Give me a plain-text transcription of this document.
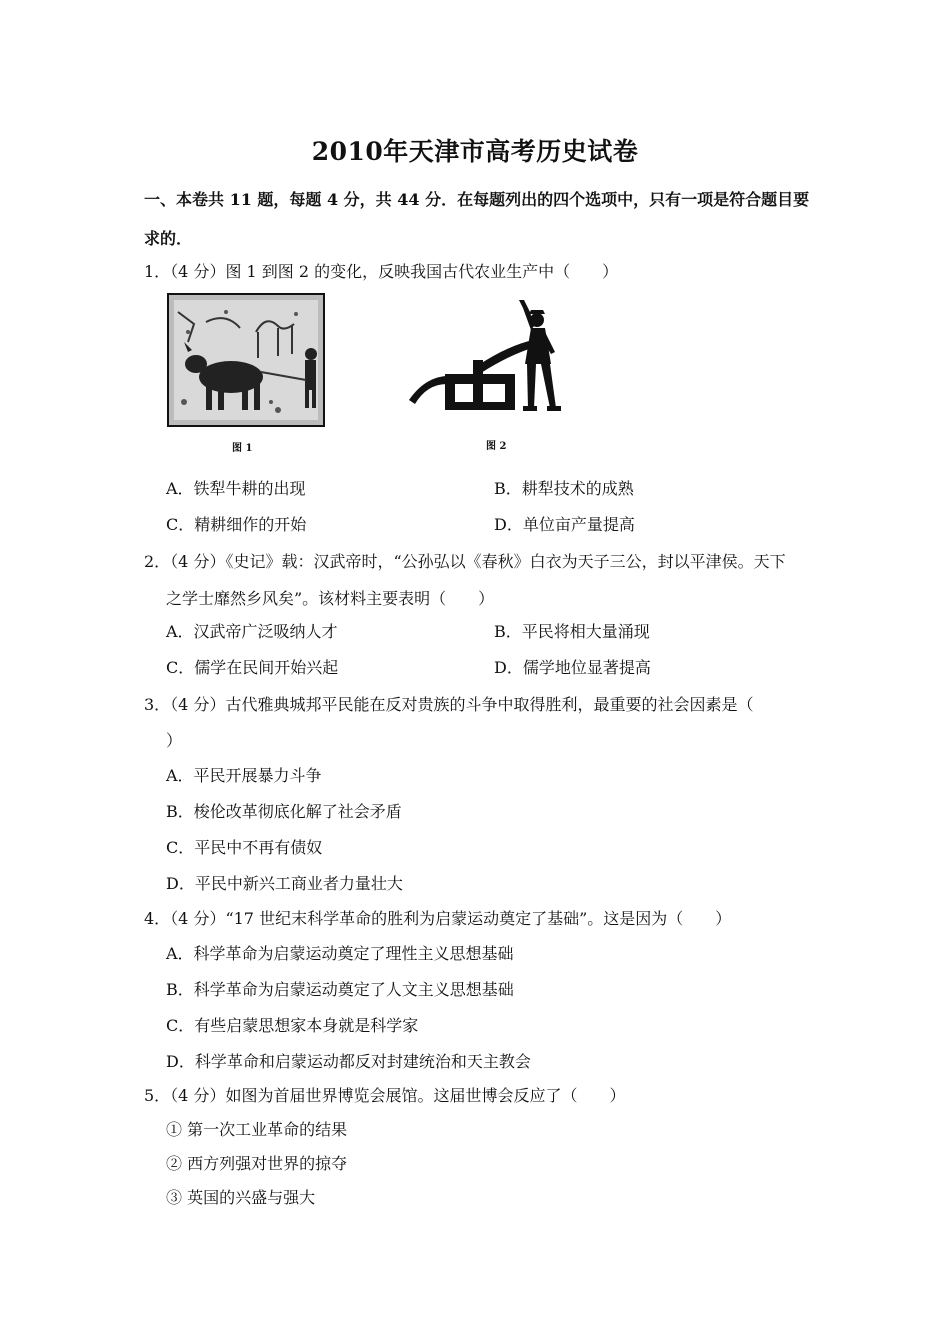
2010年天津市高考历史试卷
一、本卷共 11 题，每题 4 分，共 44 分．在每题列出的四个选项中，只有一项是符合题目要
求的．
1．（4 分）图 1 到图 2 的变化，反映我国古代农业生产中（　　）
图 1	图 2
A．铁犁牛耕的出现	B．耕犁技术的成熟
C．精耕细作的开始	D．单位亩产量提高
2．（4 分）《史记》载：汉武帝时，“公孙弘以《春秋》白衣为天子三公，封以平津侯。天下
之学士靡然乡风矣”。该材料主要表明（　　）
A．汉武帝广泛吸纳人才	B．平民将相大量涌现
C．儒学在民间开始兴起	D．儒学地位显著提高
3．（4 分）古代雅典城邦平民能在反对贵族的斗争中取得胜利，最重要的社会因素是（
）
A．平民开展暴力斗争
B．梭伦改革彻底化解了社会矛盾
C．平民中不再有债奴
D．平民中新兴工商业者力量壮大
4．（4 分）“17 世纪末科学革命的胜利为启蒙运动奠定了基础”。这是因为（　　）
A．科学革命为启蒙运动奠定了理性主义思想基础
B．科学革命为启蒙运动奠定了人文主义思想基础
C．有些启蒙思想家本身就是科学家
D．科学革命和启蒙运动都反对封建统治和天主教会
5．（4 分）如图为首届世界博览会展馆。这届世博会反应了（　　）
① 第一次工业革命的结果
② 西方列强对世界的掠夺
③ 英国的兴盛与强大
